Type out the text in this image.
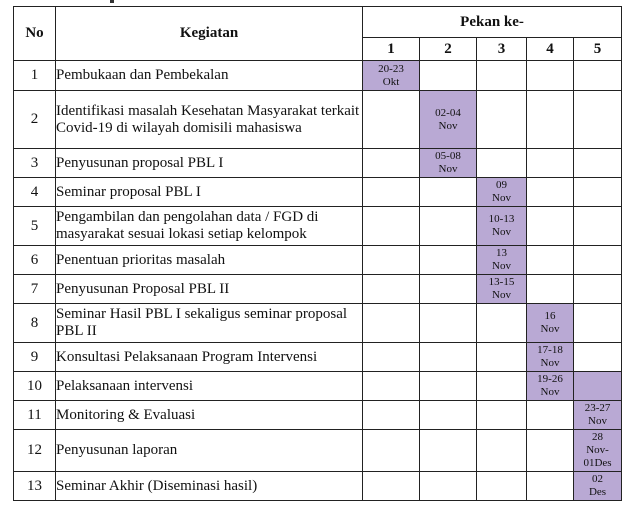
No	Kegiatan	Pekan ke-				
		1	2	3	4	5
1	Pembukaan dan Pembekalan	20-23
Okt				

2	Identifikasi masalah Kesehatan Masyarakat terkait Covid-19 di wilayah domisili mahasiswa		02-04
Nov			

3	Penyusunan proposal PBL I		05-08
Nov			

4	Seminar proposal PBL I			09
Nov		

5	Pengambilan dan pengolahan data / FGD di masyarakat sesuai lokasi setiap kelompok			10-13
Nov		

6	Penentuan prioritas masalah			13
Nov		

7	Penyusunan Proposal PBL II			13-15
Nov		

8	Seminar Hasil PBL I sekaligus seminar proposal PBL II				16
Nov	

9	Konsultasi Pelaksanaan Program Intervensi				17-18
Nov	

10	Pelaksanaan intervensi				19-26
Nov	

11	Monitoring & Evaluasi					23-27
Nov

12	Penyusunan laporan					28
Nov-
01Des

13	Seminar Akhir (Diseminasi hasil)					02
Des
